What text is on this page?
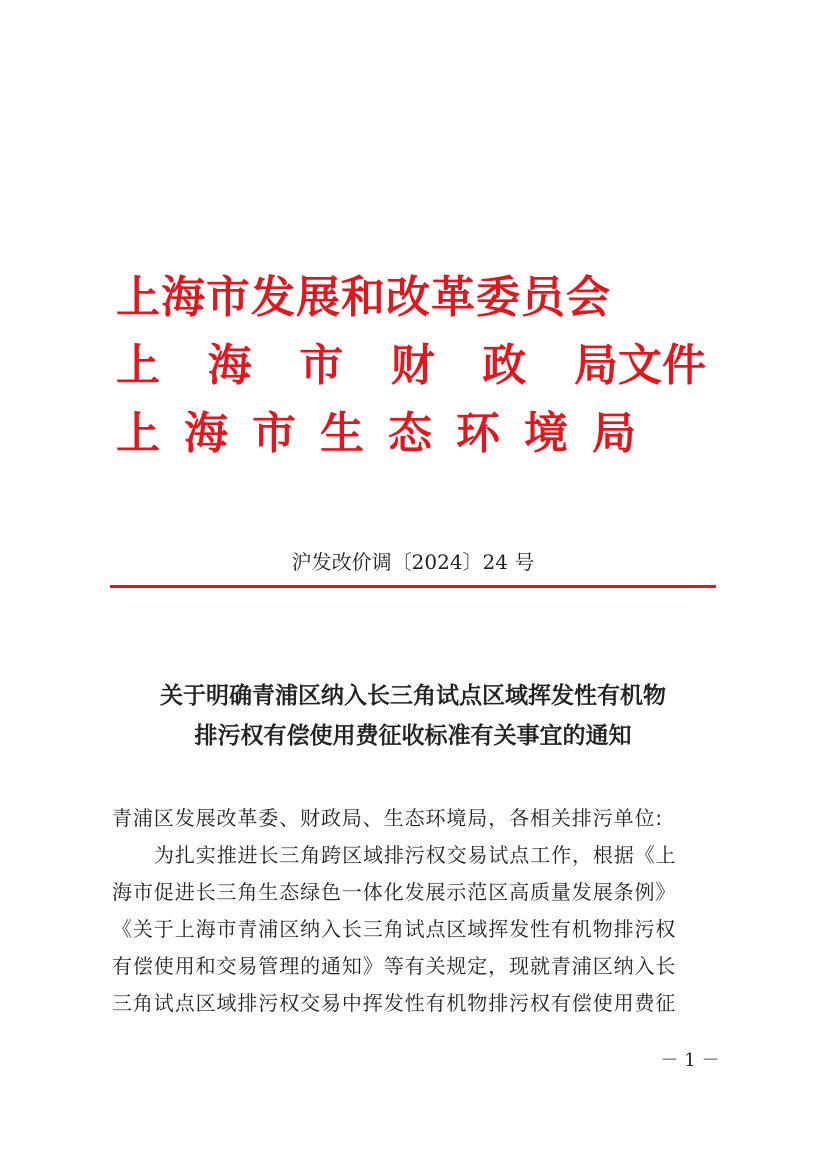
上海市发展和改革委员会
上	海	市	财	政	局文件
上 海 市 生 态 环 境 局
沪发改价调〔2024〕24 号
关于明确青浦区纳入长三角试点区域挥发性有机物
排污权有偿使用费征收标准有关事宜的通知
青浦区发展改革委、财政局、生态环境局，各相关排污单位:
为扎实推进长三角跨区域排污权交易试点工作，根据《上
海市促进长三角生态绿色一体化发展示范区高质量发展条例》
《关于上海市青浦区纳入长三角试点区域挥发性有机物排污权
有偿使用和交易管理的通知》等有关规定，现就青浦区纳入长
三角试点区域排污权交易中挥发性有机物排污权有偿使用费征
－ 1 －
